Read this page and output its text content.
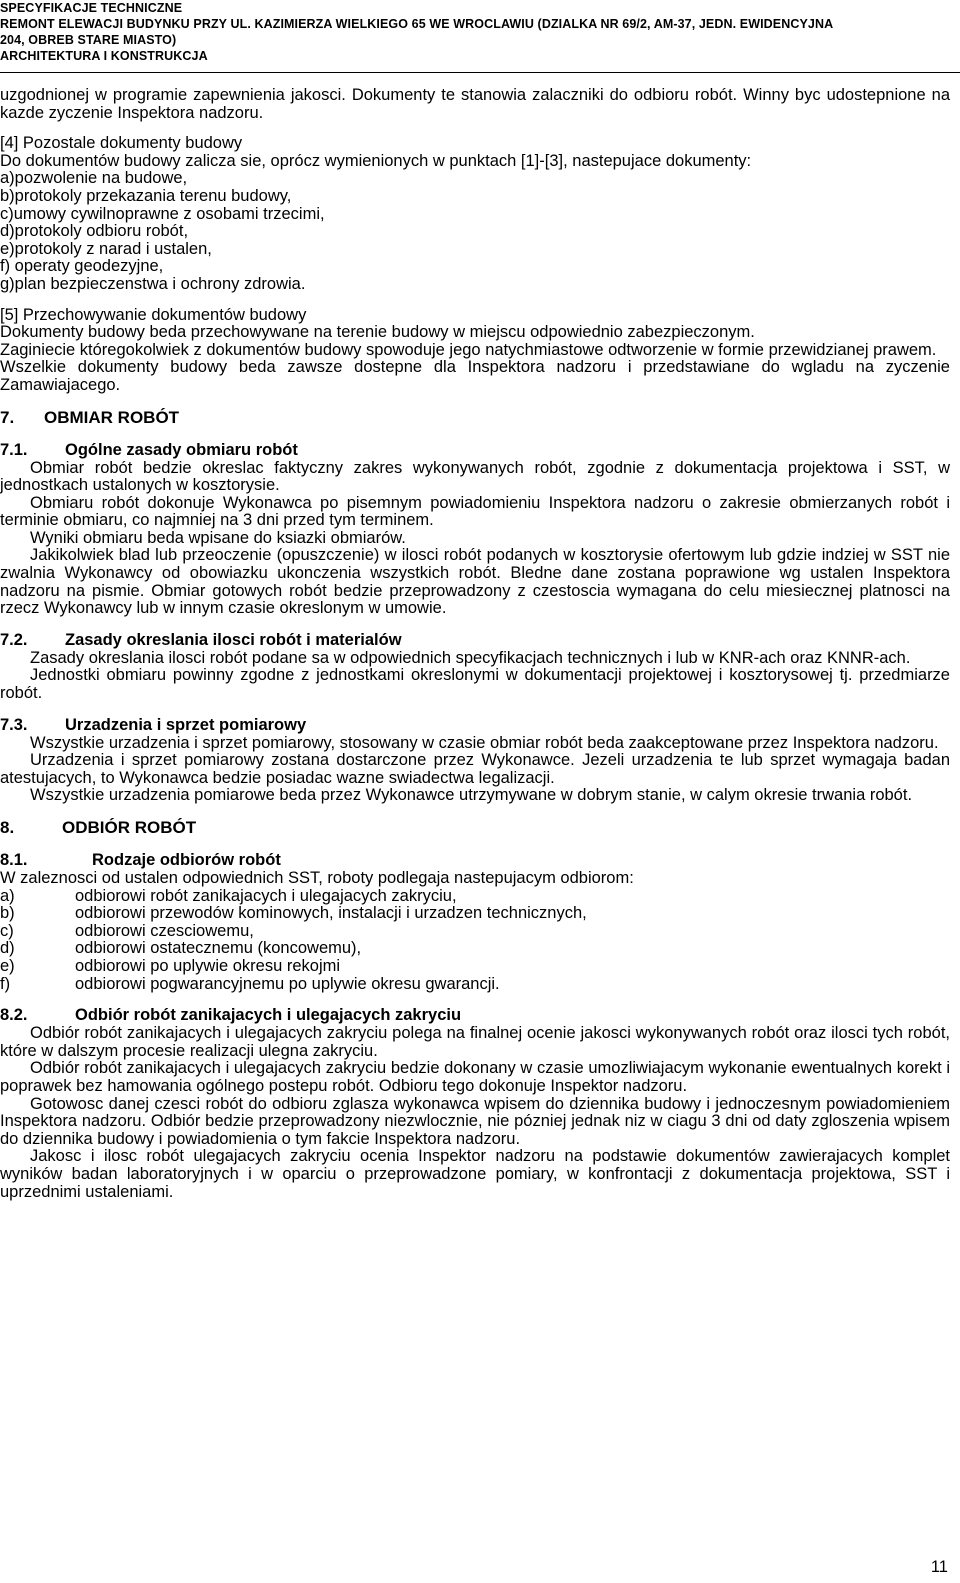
SPECYFIKACJE TECHNICZNE
REMONT ELEWACJI BUDYNKU PRZY UL. KAZIMIERZA WIELKIEGO 65 WE WROCLAWIU (DZIALKA NR 69/2, AM-37, JEDN. EWIDENCYJNA
204, OBREB STARE MIASTO)
ARCHITEKTURA I KONSTRUKCJA

uzgodnionej w programie zapewnienia jakosci. Dokumenty te stanowia zalaczniki do odbioru robót. Winny byc udostepnione na kazde zyczenie Inspektora nadzoru.

[4] Pozostale dokumenty budowy

Do dokumentów budowy zalicza sie, oprócz wymienionych w punktach [1]-[3], nastepujace dokumenty:

a)pozwolenie na budowe,
b)protokoly przekazania terenu budowy,
c)umowy cywilnoprawne z osobami trzecimi,
d)protokoly odbioru robót,
e)protokoly z narad i ustalen,
f) operaty geodezyjne,
g)plan bezpieczenstwa i ochrony zdrowia.

[5] Przechowywanie dokumentów budowy

Dokumenty budowy beda przechowywane na terenie budowy w miejscu odpowiednio zabezpieczonym.

Zaginiecie któregokolwiek z dokumentów budowy spowoduje jego natychmiastowe odtworzenie w formie przewidzianej prawem.

Wszelkie dokumenty budowy beda zawsze dostepne dla Inspektora nadzoru i przedstawiane do wgladu na zyczenie Zamawiajacego.

7. OBMIAR ROBÓT

7.1. Ogólne zasady obmiaru robót

Obmiar robót bedzie okreslac faktyczny zakres wykonywanych robót, zgodnie z dokumentacja projektowa i SST, w jednostkach ustalonych w kosztorysie.

Obmiaru robót dokonuje Wykonawca po pisemnym powiadomieniu Inspektora nadzoru o zakresie obmierzanych robót i terminie obmiaru, co najmniej na 3 dni przed tym terminem.

Wyniki obmiaru beda wpisane do ksiazki obmiarów.

Jakikolwiek blad lub przeoczenie (opuszczenie) w ilosci robót podanych w kosztorysie ofertowym lub gdzie indziej w SST nie zwalnia Wykonawcy od obowiazku ukonczenia wszystkich robót. Bledne dane zostana poprawione wg ustalen Inspektora nadzoru na pismie. Obmiar gotowych robót bedzie przeprowadzony z czestoscia wymagana do celu miesiecznej platnosci na rzecz Wykonawcy lub w innym czasie okreslonym w umowie.

7.2. Zasady okreslania ilosci robót i materialów

Zasady okreslania ilosci robót podane sa w odpowiednich specyfikacjach technicznych i lub w KNR-ach oraz KNNR-ach.

Jednostki obmiaru powinny zgodne z jednostkami okreslonymi w dokumentacji projektowej i kosztorysowej tj. przedmiarze robót.

7.3. Urzadzenia i sprzet pomiarowy

Wszystkie urzadzenia i sprzet pomiarowy, stosowany w czasie obmiar robót beda zaakceptowane przez Inspektora nadzoru.

Urzadzenia i sprzet pomiarowy zostana dostarczone przez Wykonawce. Jezeli urzadzenia te lub sprzet wymagaja badan atestujacych, to Wykonawca bedzie posiadac wazne swiadectwa legalizacji.

Wszystkie urzadzenia pomiarowe beda przez Wykonawce utrzymywane w dobrym stanie, w calym okresie trwania robót.

8.	ODBIÓR ROBÓT

8.1.	Rodzaje odbiorów robót

W zaleznosci od ustalen odpowiednich SST, roboty podlegaja nastepujacym odbiorom:

a)	odbiorowi robót zanikajacych i ulegajacych zakryciu,
b)	odbiorowi przewodów kominowych, instalacji i urzadzen technicznych,
c)	odbiorowi czesciowemu,
d)	odbiorowi ostatecznemu (koncowemu),
e)	odbiorowi po uplywie okresu rekojmi
f)	odbiorowi pogwarancyjnemu po uplywie okresu gwarancji.

8.2.	Odbiór robót zanikajacych i ulegajacych zakryciu

Odbiór robót zanikajacych i ulegajacych zakryciu polega na finalnej ocenie jakosci wykonywanych robót oraz ilosci tych robót, które w dalszym procesie realizacji ulegna zakryciu.

Odbiór robót zanikajacych i ulegajacych zakryciu bedzie dokonany w czasie umozliwiajacym wykonanie ewentualnych korekt i poprawek bez hamowania ogólnego postepu robót. Odbioru tego dokonuje Inspektor nadzoru.

Gotowosc danej czesci robót do odbioru zglasza wykonawca wpisem do dziennika budowy i jednoczesnym powiadomieniem Inspektora nadzoru. Odbiór bedzie przeprowadzony niezwlocznie, nie pózniej jednak niz w ciagu 3 dni od daty zgloszenia wpisem do dziennika budowy i powiadomienia o tym fakcie Inspektora nadzoru.

Jakosc i ilosc robót ulegajacych zakryciu ocenia Inspektor nadzoru na podstawie dokumentów zawierajacych komplet wyników badan laboratoryjnych i w oparciu o przeprowadzone pomiary, w konfrontacji z dokumentacja projektowa, SST i uprzednimi ustaleniami.

11
